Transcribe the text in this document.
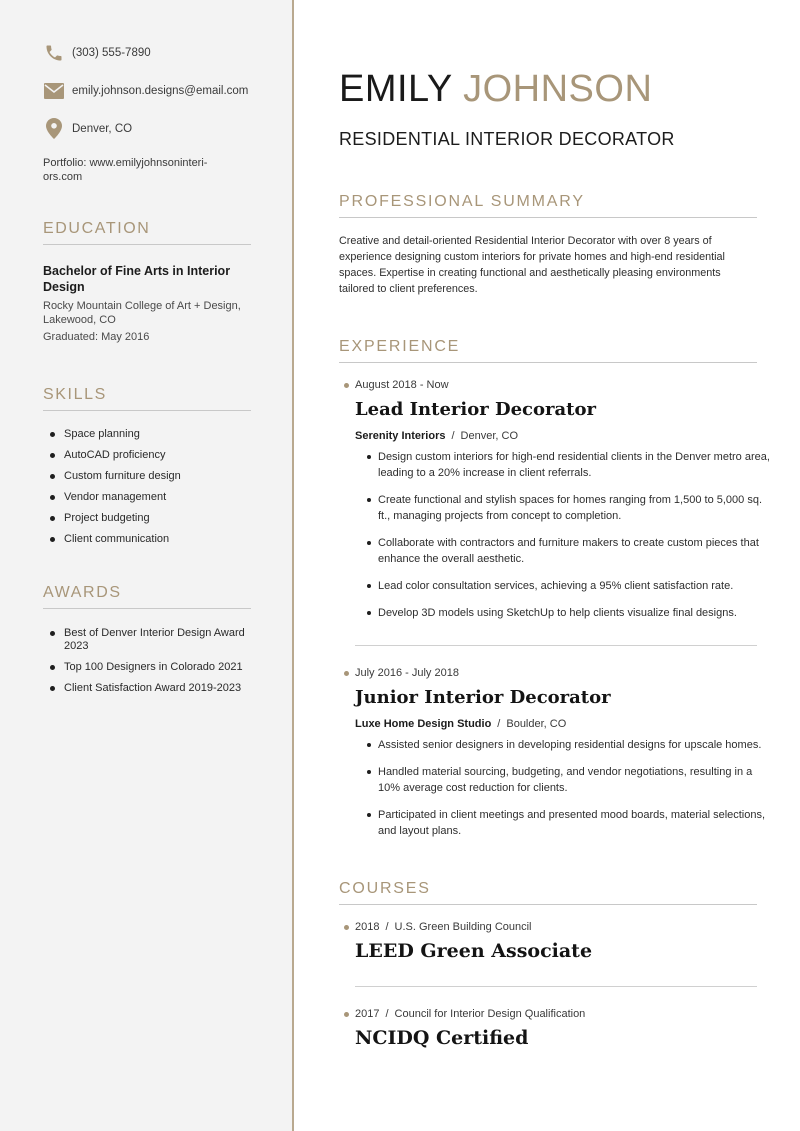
(303) 555-7890
emily.johnson.designs@email.com
Denver, CO
Portfolio: www.emilyjohnsoninteri-
ors.com
EDUCATION
Bachelor of Fine Arts in Interior Design
Rocky Mountain College of Art + Design, Lakewood, CO
Graduated: May 2016
SKILLS
Space planning
AutoCAD proficiency
Custom furniture design
Vendor management
Project budgeting
Client communication
AWARDS
Best of Denver Interior Design Award 2023
Top 100 Designers in Colorado 2021
Client Satisfaction Award 2019-2023
EMILY JOHNSON
RESIDENTIAL INTERIOR DECORATOR
PROFESSIONAL SUMMARY

Creative and detail-oriented Residential Interior Decorator with over 8 years of experience designing custom interiors for private homes and high-end residential spaces. Expertise in creating functional and aesthetically pleasing environments tailored to client preferences.

EXPERIENCE
August 2018 - Now
Lead Interior Decorator
Serenity Interiors / Denver, CO
Design custom interiors for high-end residential clients in the Denver metro area, leading to a 20% increase in client referrals.
Create functional and stylish spaces for homes ranging from 1,500 to 5,000 sq. ft., managing projects from concept to completion.
Collaborate with contractors and furniture makers to create custom pieces that enhance the overall aesthetic.
Lead color consultation services, achieving a 95% client satisfaction rate.
Develop 3D models using SketchUp to help clients visualize final designs.
July 2016 - July 2018
Junior Interior Decorator
Luxe Home Design Studio / Boulder, CO
Assisted senior designers in developing residential designs for upscale homes.
Handled material sourcing, budgeting, and vendor negotiations, resulting in a 10% average cost reduction for clients.
Participated in client meetings and presented mood boards, material selections, and layout plans.
COURSES
2018 / U.S. Green Building Council
LEED Green Associate
2017 / Council for Interior Design Qualification
NCIDQ Certified
